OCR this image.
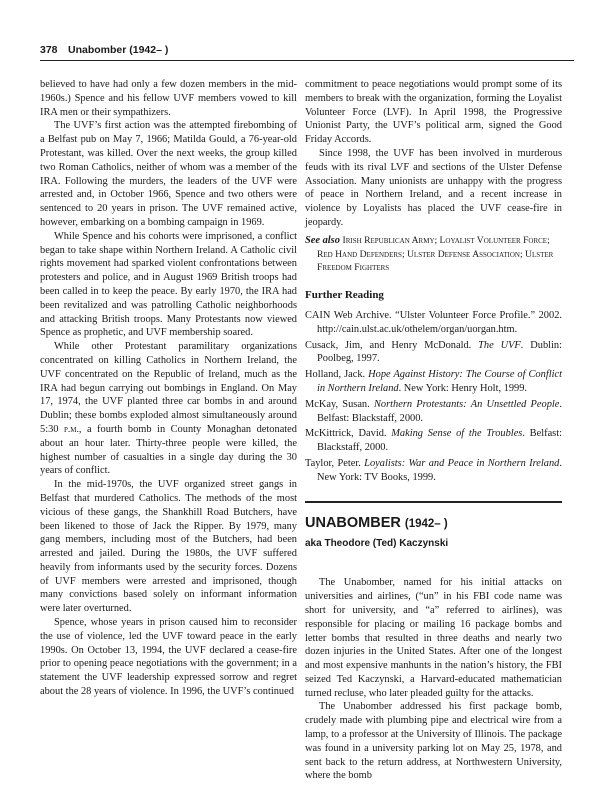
378 Unabomber (1942– )

believed to have had only a few dozen members in the mid-1960s.) Spence and his fellow UVF members vowed to kill IRA men or their sympathizers.

The UVF’s first action was the attempted firebombing of a Belfast pub on May 7, 1966; Matilda Gould, a 76-year-old Protestant, was killed. Over the next weeks, the group killed two Roman Catholics, neither of whom was a member of the IRA. Following the murders, the leaders of the UVF were arrested and, in October 1966, Spence and two others were sentenced to 20 years in prison. The UVF remained active, however, embarking on a bombing campaign in 1969.

While Spence and his cohorts were imprisoned, a conflict began to take shape within Northern Ireland. A Catholic civil rights movement had sparked violent confrontations between protesters and police, and in August 1969 British troops had been called in to keep the peace. By early 1970, the IRA had been revitalized and was patrolling Catholic neighborhoods and attacking British troops. Many Protestants now viewed Spence as prophetic, and UVF membership soared.

While other Protestant paramilitary organizations concentrated on killing Catholics in Northern Ireland, the UVF concentrated on the Republic of Ireland, much as the IRA had begun carrying out bombings in England. On May 17, 1974, the UVF planted three car bombs in and around Dublin; these bombs exploded almost simultaneously around 5:30 p.m., a fourth bomb in County Monaghan detonated about an hour later. Thirty-three people were killed, the highest number of casualties in a single day during the 30 years of conflict.

In the mid-1970s, the UVF organized street gangs in Belfast that murdered Catholics. The methods of the most vicious of these gangs, the Shankhill Road Butchers, have been likened to those of Jack the Ripper. By 1979, many gang members, including most of the Butchers, had been arrested and jailed. During the 1980s, the UVF suffered heavily from informants used by the security forces. Dozens of UVF members were arrested and imprisoned, though many convictions based solely on informant information were later overturned.

Spence, whose years in prison caused him to reconsider the use of violence, led the UVF toward peace in the early 1990s. On October 13, 1994, the UVF declared a cease-fire prior to opening peace negotiations with the government; in a statement the UVF leadership expressed sorrow and regret about the 28 years of violence. In 1996, the UVF’s continued

commitment to peace negotiations would prompt some of its members to break with the organization, forming the Loyalist Volunteer Force (LVF). In April 1998, the Progressive Unionist Party, the UVF’s political arm, signed the Good Friday Accords.

Since 1998, the UVF has been involved in murderous feuds with its rival LVF and sections of the Ulster Defense Association. Many unionists are unhappy with the progress of peace in Northern Ireland, and a recent increase in violence by Loyalists has placed the UVF cease-fire in jeopardy.

See also Irish Republican Army; Loyalist Volunteer Force; Red Hand Defenders; Ulster Defense Association; Ulster Freedom Fighters

Further Reading
CAIN Web Archive. “Ulster Volunteer Force Profile.” 2002. http://cain.ulst.ac.uk/othelem/organ/uorgan.htm.
Cusack, Jim, and Henry McDonald. The UVF. Dublin: Poolbeg, 1997.
Holland, Jack. Hope Against History: The Course of Conflict in Northern Ireland. New York: Henry Holt, 1999.
McKay, Susan. Northern Protestants: An Unsettled People. Belfast: Blackstaff, 2000.
McKittrick, David. Making Sense of the Troubles. Belfast: Blackstaff, 2000.
Taylor, Peter. Loyalists: War and Peace in Northern Ireland. New York: TV Books, 1999.
UNABOMBER (1942– )
aka Theodore (Ted) Kaczynski

The Unabomber, named for his initial attacks on universities and airlines, (“un” in his FBI code name was short for university, and “a” referred to airlines), was responsible for placing or mailing 16 package bombs and letter bombs that resulted in three deaths and nearly two dozen injuries in the United States. After one of the longest and most expensive manhunts in the nation’s history, the FBI seized Ted Kaczynski, a Harvard-educated mathematician turned recluse, who later pleaded guilty for the attacks.

The Unabomber addressed his first package bomb, crudely made with plumbing pipe and electrical wire from a lamp, to a professor at the University of Illinois. The package was found in a university parking lot on May 25, 1978, and sent back to the return address, at Northwestern University, where the bomb
